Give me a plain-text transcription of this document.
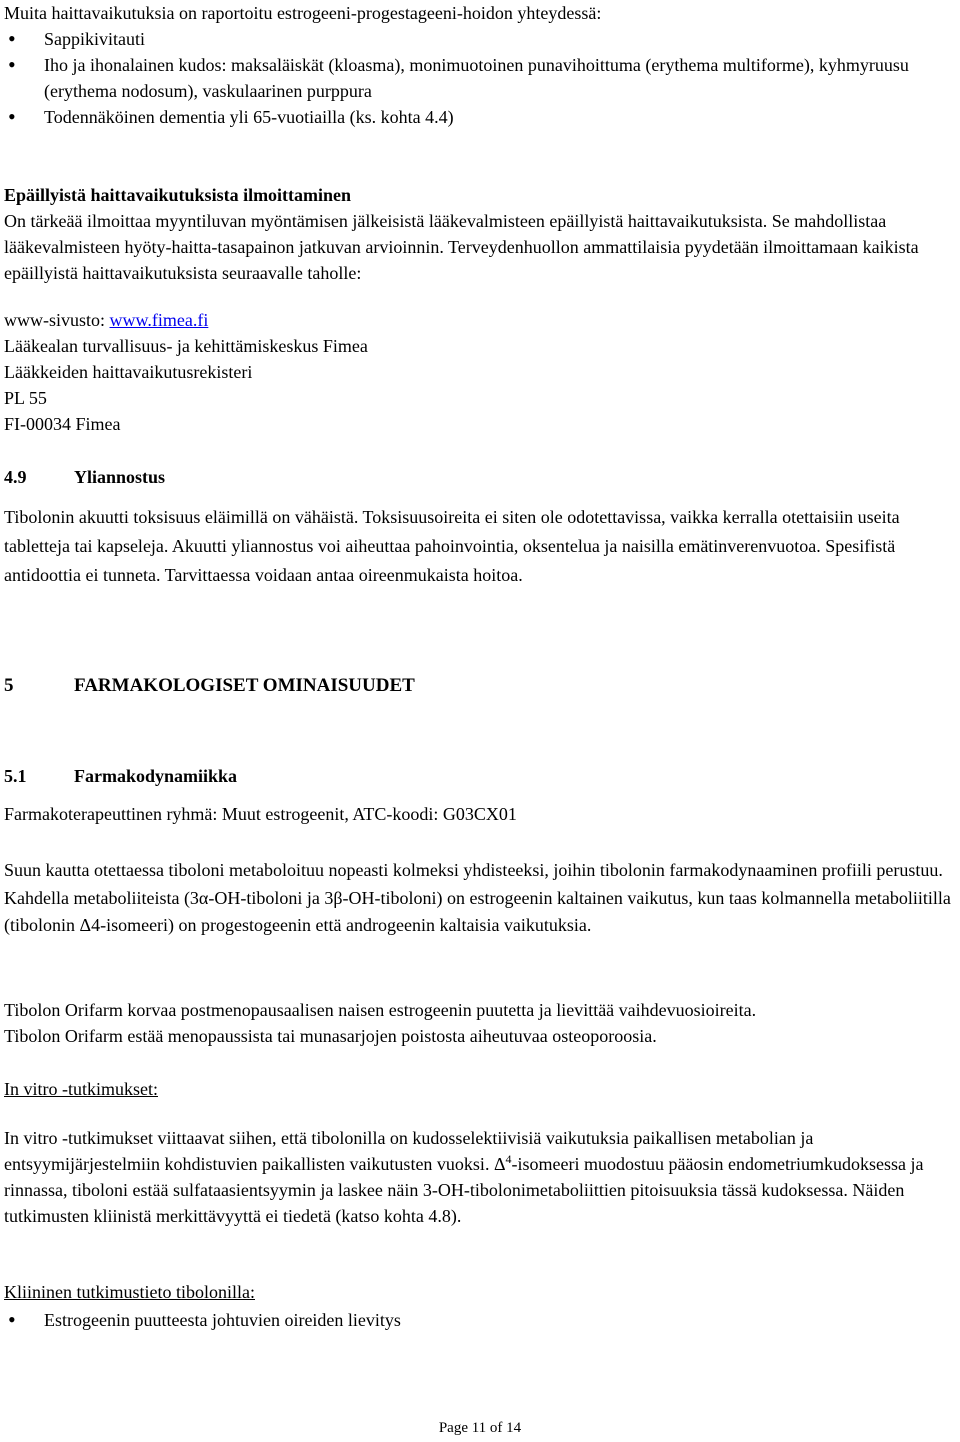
Muita haittavaikutuksia on raportoitu estrogeeni-progestageeni-hoidon yhteydessä:

• Sappikivitauti
• Iho ja ihonalainen kudos: maksaläiskät (kloasma), monimuotoinen punavihoittuma (erythema multiforme), kyhmyruusu (erythema nodosum), vaskulaarinen purppura
• Todennäköinen dementia yli 65-vuotiailla (ks. kohta 4.4)

Epäillyistä haittavaikutuksista ilmoittaminen

On tärkeää ilmoittaa myyntiluvan myöntämisen jälkeisistä lääkevalmisteen epäillyistä haittavaikutuksista. Se mahdollistaa lääkevalmisteen hyöty-haitta-tasapainon jatkuvan arvioinnin. Terveydenhuollon ammattilaisia pyydetään ilmoittamaan kaikista epäillyistä haittavaikutuksista seuraavalle taholle:

www-sivusto: www.fimea.fi

Lääkealan turvallisuus- ja kehittämiskeskus Fimea

Lääkkeiden haittavaikutusrekisteri

PL 55

FI-00034 Fimea

4.9	Yliannostus

Tibolonin akuutti toksisuus eläimillä on vähäistä. Toksisuusoireita ei siten ole odotettavissa, vaikka kerralla otettaisiin useita tabletteja tai kapseleja. Akuutti yliannostus voi aiheuttaa pahoinvointia, oksentelua ja naisilla emätinverenvuotoa. Spesifistä antidoottia ei tunneta. Tarvittaessa voidaan antaa oireenmukaista hoitoa.

5	FARMAKOLOGISET OMINAISUUDET

5.1	Farmakodynamiikka

Farmakoterapeuttinen ryhmä: Muut estrogeenit, ATC-koodi: G03CX01

Suun kautta otettaessa tiboloni metaboloituu nopeasti kolmeksi yhdisteeksi, joihin tibolonin farmakodynaaminen profiili perustuu. Kahdella metaboliiteista (3α-OH-tiboloni ja 3β-OH-tiboloni) on estrogeenin kaltainen vaikutus, kun taas kolmannella metaboliitilla (tibolonin Δ4-isomeeri) on progestogeenin että androgeenin kaltaisia vaikutuksia.

Tibolon Orifarm korvaa postmenopausaalisen naisen estrogeenin puutetta ja lievittää vaihdevuosioireita.

Tibolon Orifarm estää menopaussista tai munasarjojen poistosta aiheutuvaa osteoporoosia.

In vitro -tutkimukset:

In vitro -tutkimukset viittaavat siihen, että tibolonilla on kudosselektiivisiä vaikutuksia paikallisen metabolian ja entsyymijärjestelmiin kohdistuvien paikallisten vaikutusten vuoksi. $\Delta^4$-isomeeri muodostuu pääosin endometriumkudoksessa ja rinnassa, tiboloni estää sulfataasientsyymin ja laskee näin 3-OH-tibolonimetaboliittien pitoisuuksia tässä kudoksessa. Näiden tutkimusten kliinistä merkittävyyttä ei tiedetä (katso kohta 4.8).

Kliininen tutkimustieto tibolonilla:

• Estrogeenin puutteesta johtuvien oireiden lievitys

Page 11 of 14
